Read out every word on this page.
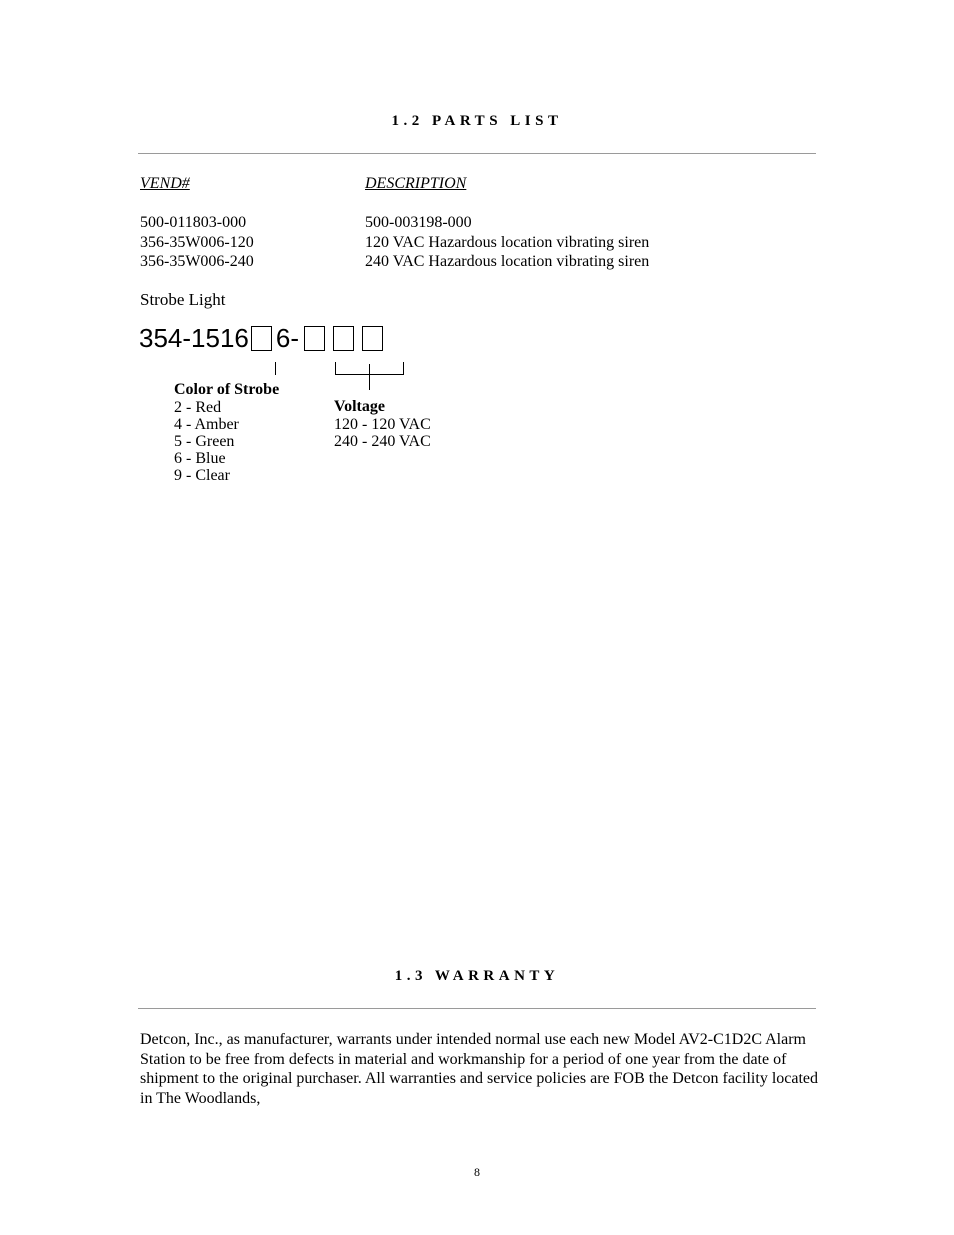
1.2 PARTS LIST
VEND#	DESCRIPTION
500-011803-000	500-003198-000
356-35W006-120	120 VAC Hazardous location vibrating siren
356-35W006-240	240 VAC Hazardous location vibrating siren
Strobe Light
354-1516 6-
Color of Strobe
2 - Red
4 - Amber
5 - Green
6 - Blue
9 - Clear
Voltage
120 - 120 VAC
240 - 240 VAC
1.3 WARRANTY
Detcon, Inc., as manufacturer, warrants under intended normal use each new Model AV2-C1D2C Alarm Station to be free from defects in material and workmanship for a period of one year from the date of shipment to the original purchaser. All warranties and service policies are FOB the Detcon facility located in The Woodlands,
8
